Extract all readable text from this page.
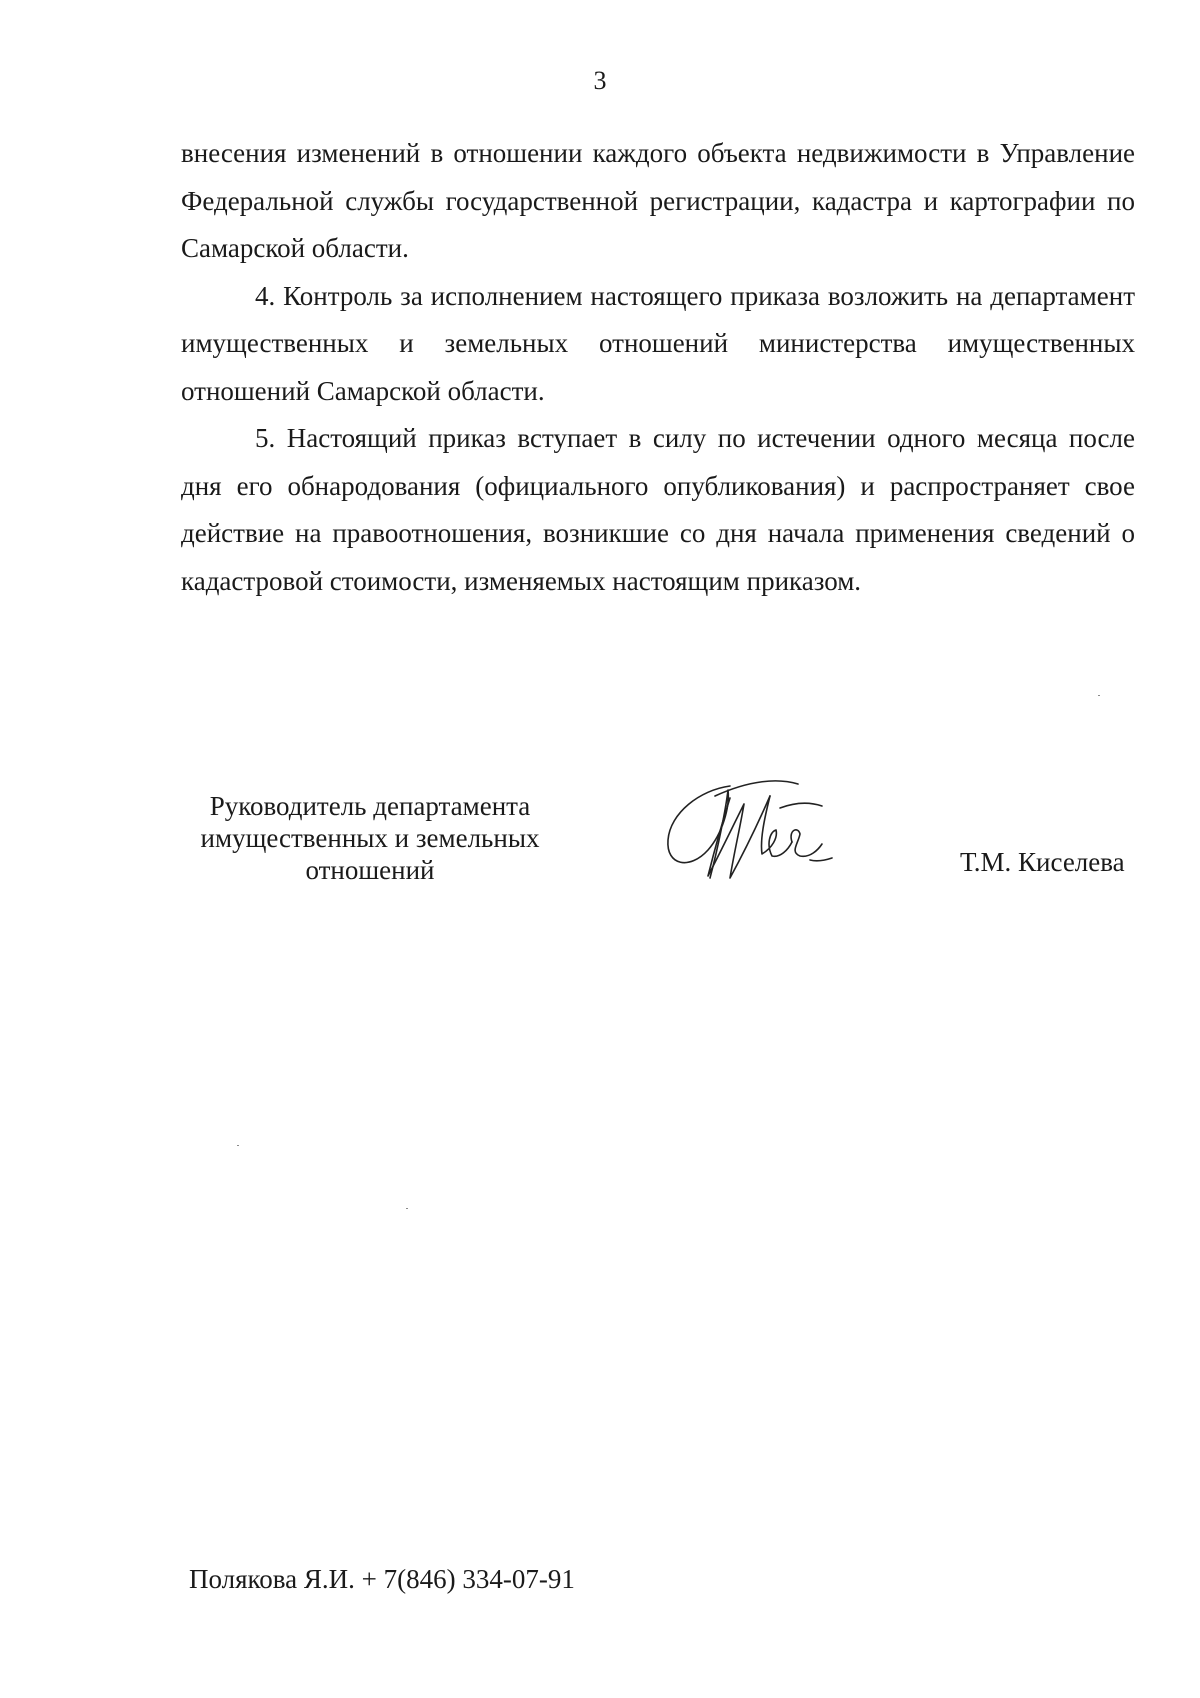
3

внесения изменений в отношении каждого объекта недвижимости в Управление Федеральной службы государственной регистрации, кадастра и картографии по Самарской области.

4. Контроль за исполнением настоящего приказа возложить на департамент имущественных и земельных отношений министерства имущественных отношений Самарской области.

5. Настоящий приказ вступает в силу по истечении одного месяца после дня его обнародования (официального опубликования) и распространяет свое действие на правоотношения, возникшие со дня начала применения сведений о кадастровой стоимости, изменяемых настоящим приказом.

Руководитель департамента
имущественных и земельных
отношений	Т.М. Киселева
Полякова Я.И. + 7(846) 334-07-91
